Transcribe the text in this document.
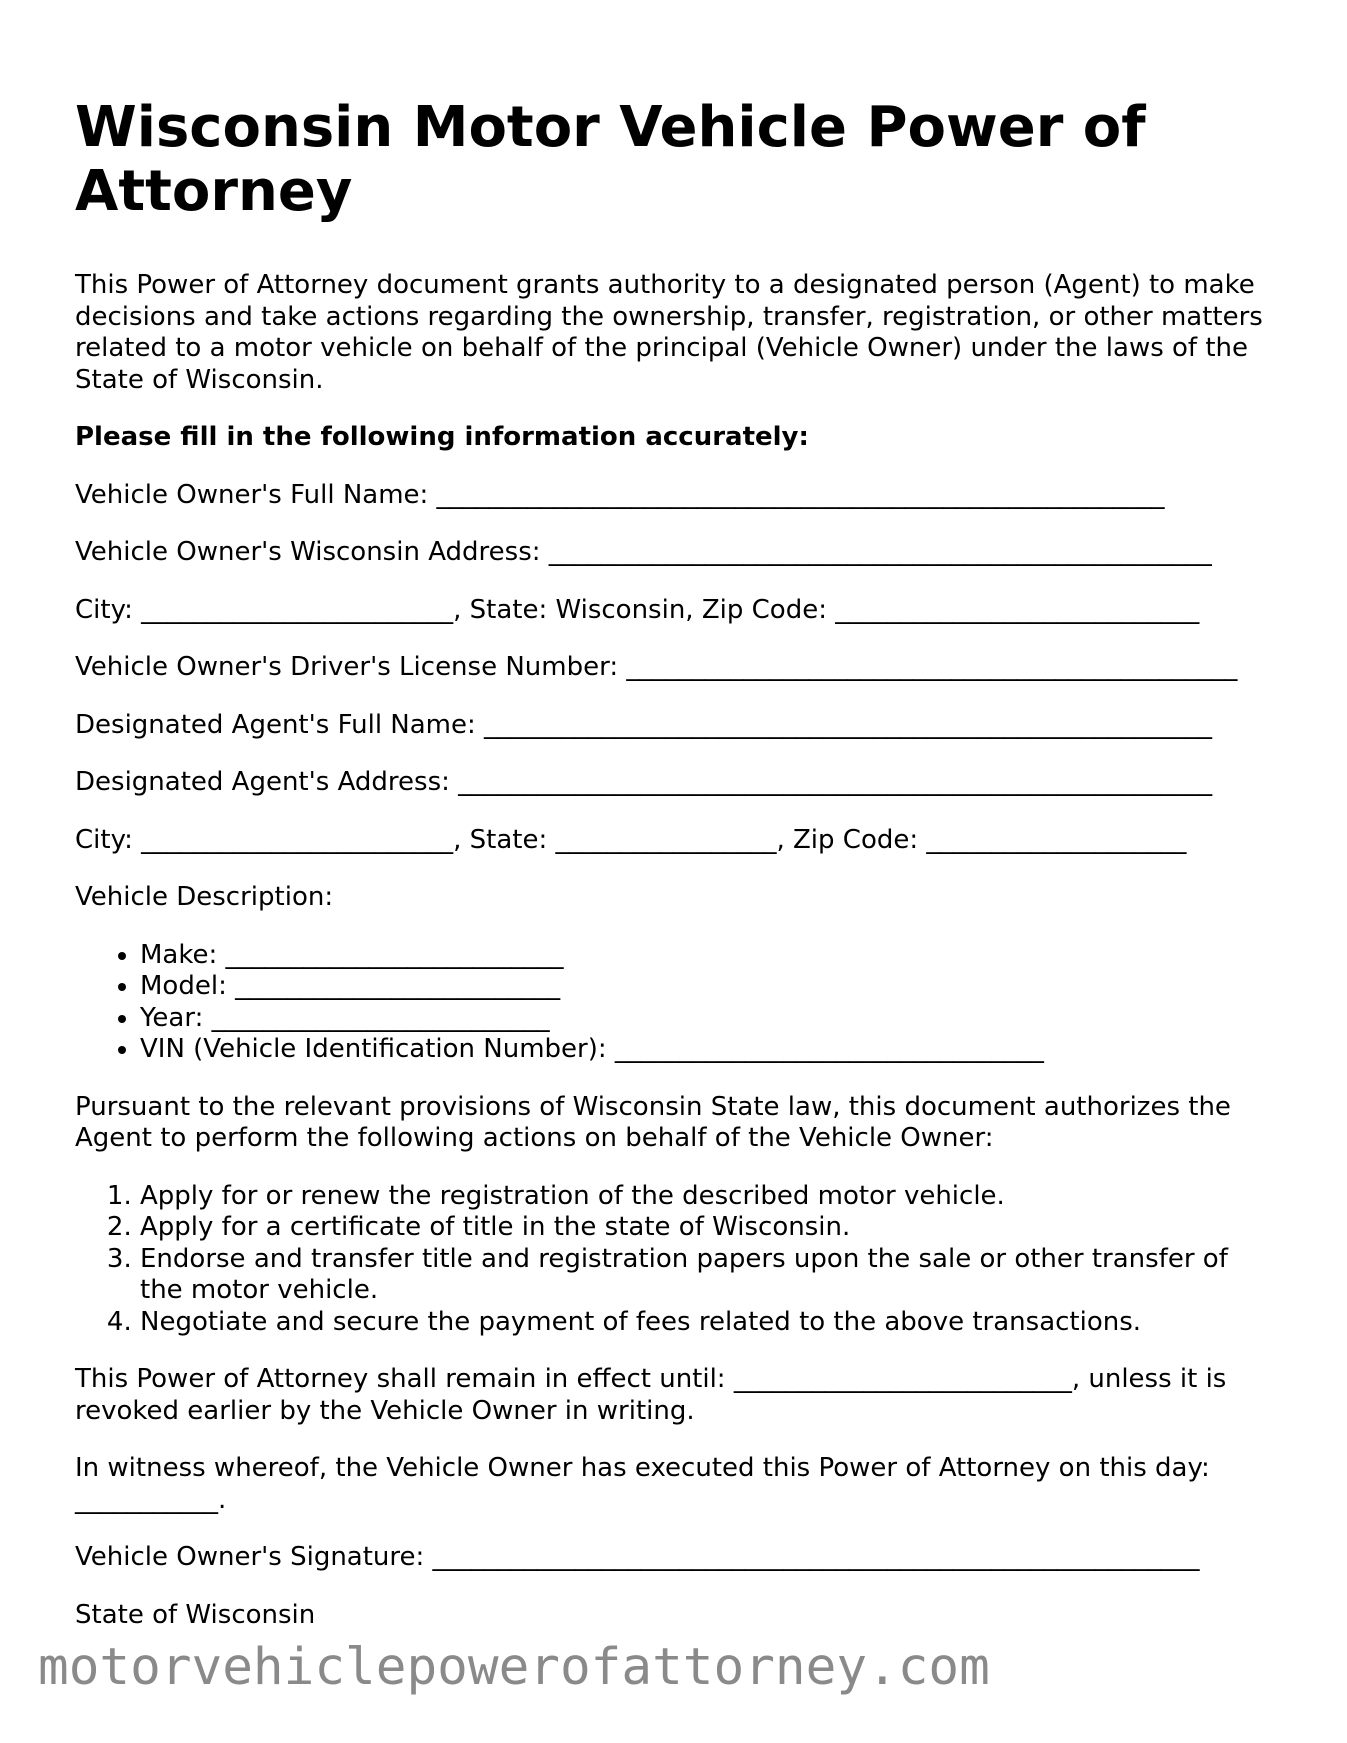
Wisconsin Motor Vehicle Power of Attorney

This Power of Attorney document grants authority to a designated person (Agent) to make decisions and take actions regarding the ownership, transfer, registration, or other matters related to a motor vehicle on behalf of the principal (Vehicle Owner) under the laws of the State of Wisconsin.

Please fill in the following information accurately:

Vehicle Owner's Full Name: ________________________________________________________

Vehicle Owner's Wisconsin Address: ___________________________________________________

City: ________________________, State: Wisconsin, Zip Code: ____________________________

Vehicle Owner's Driver's License Number: _______________________________________________

Designated Agent's Full Name: ________________________________________________________

Designated Agent's Address: __________________________________________________________

City: ________________________, State: _________________, Zip Code: ____________________

Vehicle Description:

• Make: __________________________
• Model: _________________________
• Year: __________________________
• VIN (Vehicle Identification Number): _________________________________

Pursuant to the relevant provisions of Wisconsin State law, this document authorizes the Agent to perform the following actions on behalf of the Vehicle Owner:

1. Apply for or renew the registration of the described motor vehicle.
2. Apply for a certificate of title in the state of Wisconsin.
3. Endorse and transfer title and registration papers upon the sale or other transfer of the motor vehicle.
4. Negotiate and secure the payment of fees related to the above transactions.

This Power of Attorney shall remain in effect until: __________________________, unless it is revoked earlier by the Vehicle Owner in writing.

In witness whereof, the Vehicle Owner has executed this Power of Attorney on this day: ___________.

Vehicle Owner's Signature: ___________________________________________________________

State of Wisconsin

motorvehiclepowerofattorney.com
